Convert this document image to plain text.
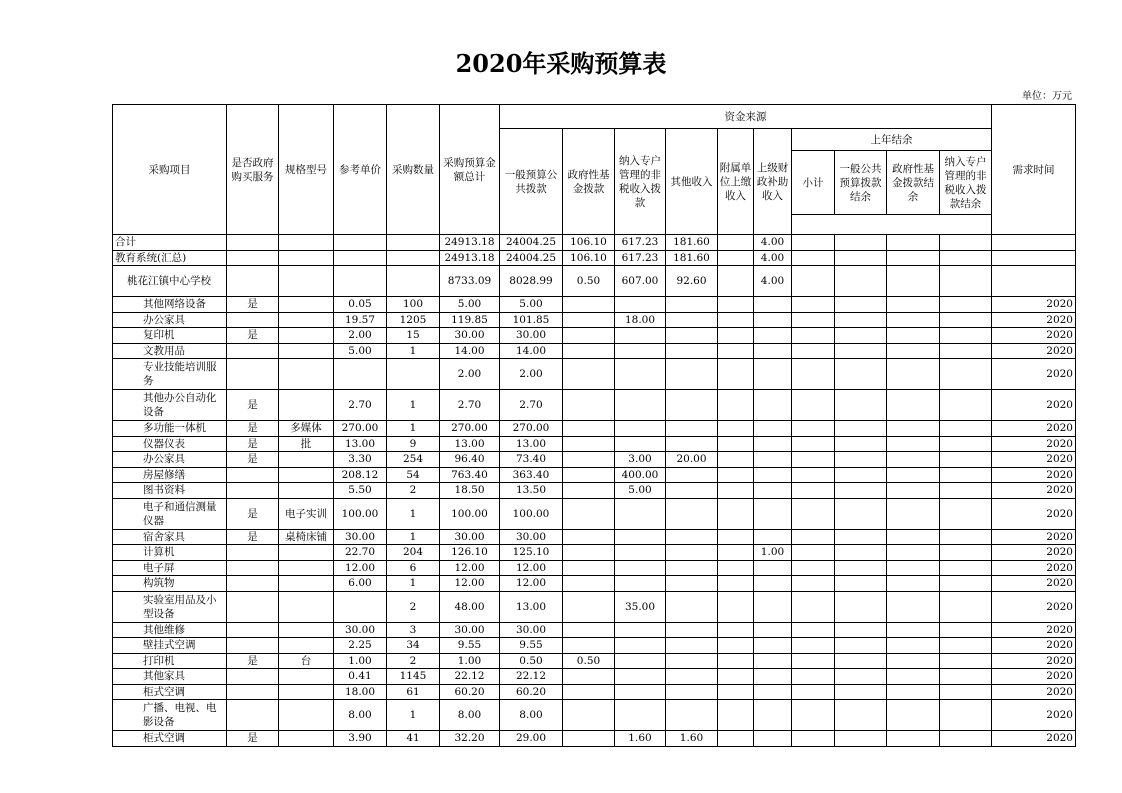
2020年采购预算表
单位：万元
采购项目	是否政府购买服务	规格型号	参考单价	采购数量	采购预算金额总计	资金来源										需求时间
						一般预算公共拨款	政府性基金拨款	纳入专户管理的非税收入拨款	其他收入	附属单位上缴收入	上级财政补助收入	上年结余				
												小计	一般公共预算拨款结余	政府性基金拨款结余	纳入专户管理的非税收入拨款结余	

合计					24913.18	24004.25	106.10	617.23	181.60		4.00					
教育系统(汇总)					24913.18	24004.25	106.10	617.23	181.60		4.00					
桃花江镇中心学校					8733.09	8028.99	0.50	607.00	92.60		4.00					
其他网络设备	是		0.05	100	5.00	5.00										2020
办公家具			19.57	1205	119.85	101.85		18.00								2020
复印机	是		2.00	15	30.00	30.00										2020
文教用品			5.00	1	14.00	14.00										2020
专业技能培训服务					2.00	2.00										2020
其他办公自动化设备	是		2.70	1	2.70	2.70										2020
多功能一体机	是	多媒体	270.00	1	270.00	270.00										2020
仪器仪表	是	批	13.00	9	13.00	13.00										2020
办公家具	是		3.30	254	96.40	73.40		3.00	20.00							2020
房屋修缮			208.12	54	763.40	363.40		400.00								2020
图书资料			5.50	2	18.50	13.50		5.00								2020
电子和通信测量仪器	是	电子实训	100.00	1	100.00	100.00										2020
宿舍家具	是	桌椅床铺	30.00	1	30.00	30.00										2020
计算机			22.70	204	126.10	125.10					1.00					2020
电子屏			12.00	6	12.00	12.00										2020
构筑物			6.00	1	12.00	12.00										2020
实验室用品及小型设备				2	48.00	13.00		35.00								2020
其他维修			30.00	3	30.00	30.00										2020
壁挂式空调			2.25	34	9.55	9.55										2020
打印机	是	台	1.00	2	1.00	0.50	0.50									2020
其他家具			0.41	1145	22.12	22.12										2020
柜式空调			18.00	61	60.20	60.20										2020
广播、电视、电影设备			8.00	1	8.00	8.00										2020
柜式空调	是		3.90	41	32.20	29.00		1.60	1.60							2020
